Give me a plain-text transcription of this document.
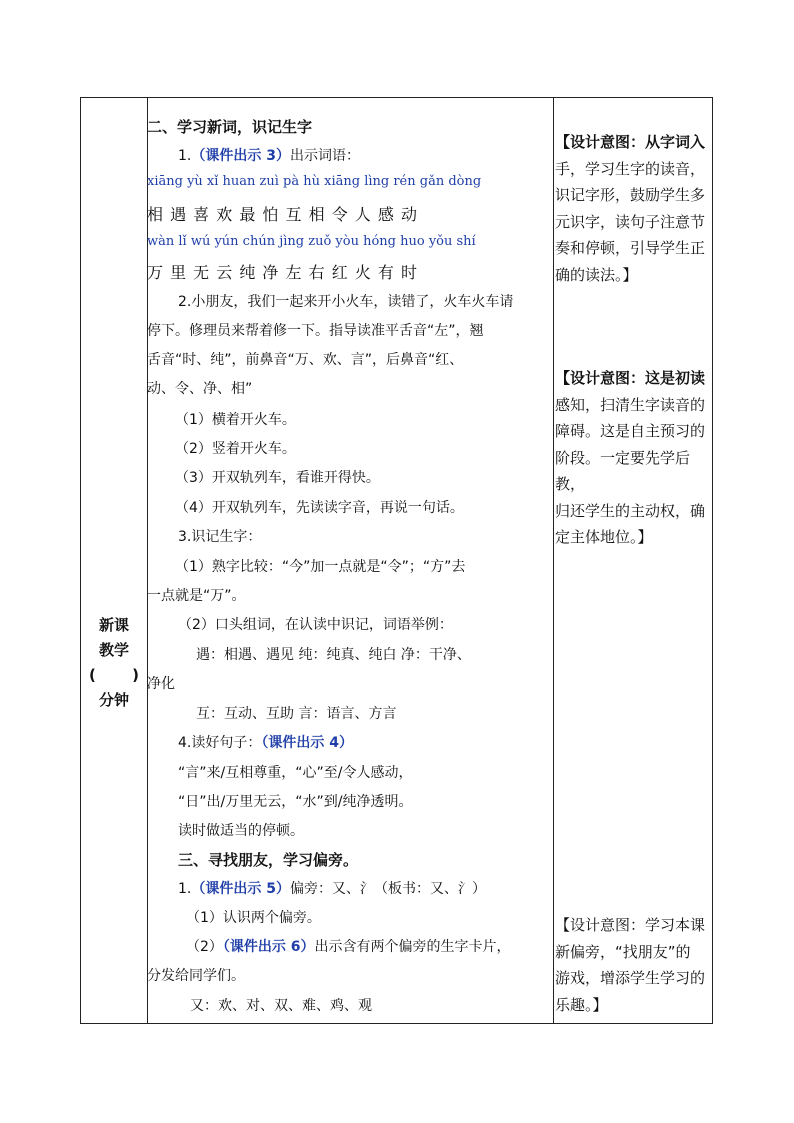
新课
教学
( )
分钟
二、学习新词，识记生字
1.（课件出示 3）出示词语：
xiāng yù xǐ huan zuì pà hù xiāng lìng rén gǎn dòng
相 遇 喜 欢 最 怕 互 相 令 人 感 动
wàn lǐ wú yún chún jìng zuǒ yòu hóng huo yǒu shí
万 里 无 云 纯 净 左 右 红 火 有 时
2.小朋友，我们一起来开小火车，读错了，火车火车请
停下。修理员来帮着修一下。指导读准平舌音“左”，翘
舌音“时、纯”，前鼻音“万、欢、言”，后鼻音“红、
动、令、净、相”
（1）横着开火车。
（2）竖着开火车。
（3）开双轨列车，看谁开得快。
（4）开双轨列车，先读读字音，再说一句话。
3.识记生字：
（1）熟字比较：“今”加一点就是“令”；“方”去
一点就是“万”。
（2）口头组词，在认读中识记，词语举例：
遇：相遇、遇见 纯：纯真、纯白 净：干净、
净化
互：互动、互助 言：语言、方言
4.读好句子：（课件出示 4）
“言”来/互相尊重，“心”至/令人感动，
“日”出/万里无云，“水”到/纯净透明。
读时做适当的停顿。
三、寻找朋友，学习偏旁。
1.（课件出示 5）偏旁：又、氵（板书：又、氵）
（1）认识两个偏旁。
（2）（课件出示 6）出示含有两个偏旁的生字卡片，
分发给同学们。
又：欢、对、双、难、鸡、观
【设计意图：从字词入
手，学习生字的读音，
识记字形，鼓励学生多
元识字，读句子注意节
奏和停顿，引导学生正
确的读法。】
【设计意图：这是初读
感知，扫清生字读音的
障碍。这是自主预习的
阶段。一定要先学后教，
归还学生的主动权，确
定主体地位。】
【设计意图：学习本课
新偏旁，“找朋友”的
游戏，增添学生学习的
乐趣。】
